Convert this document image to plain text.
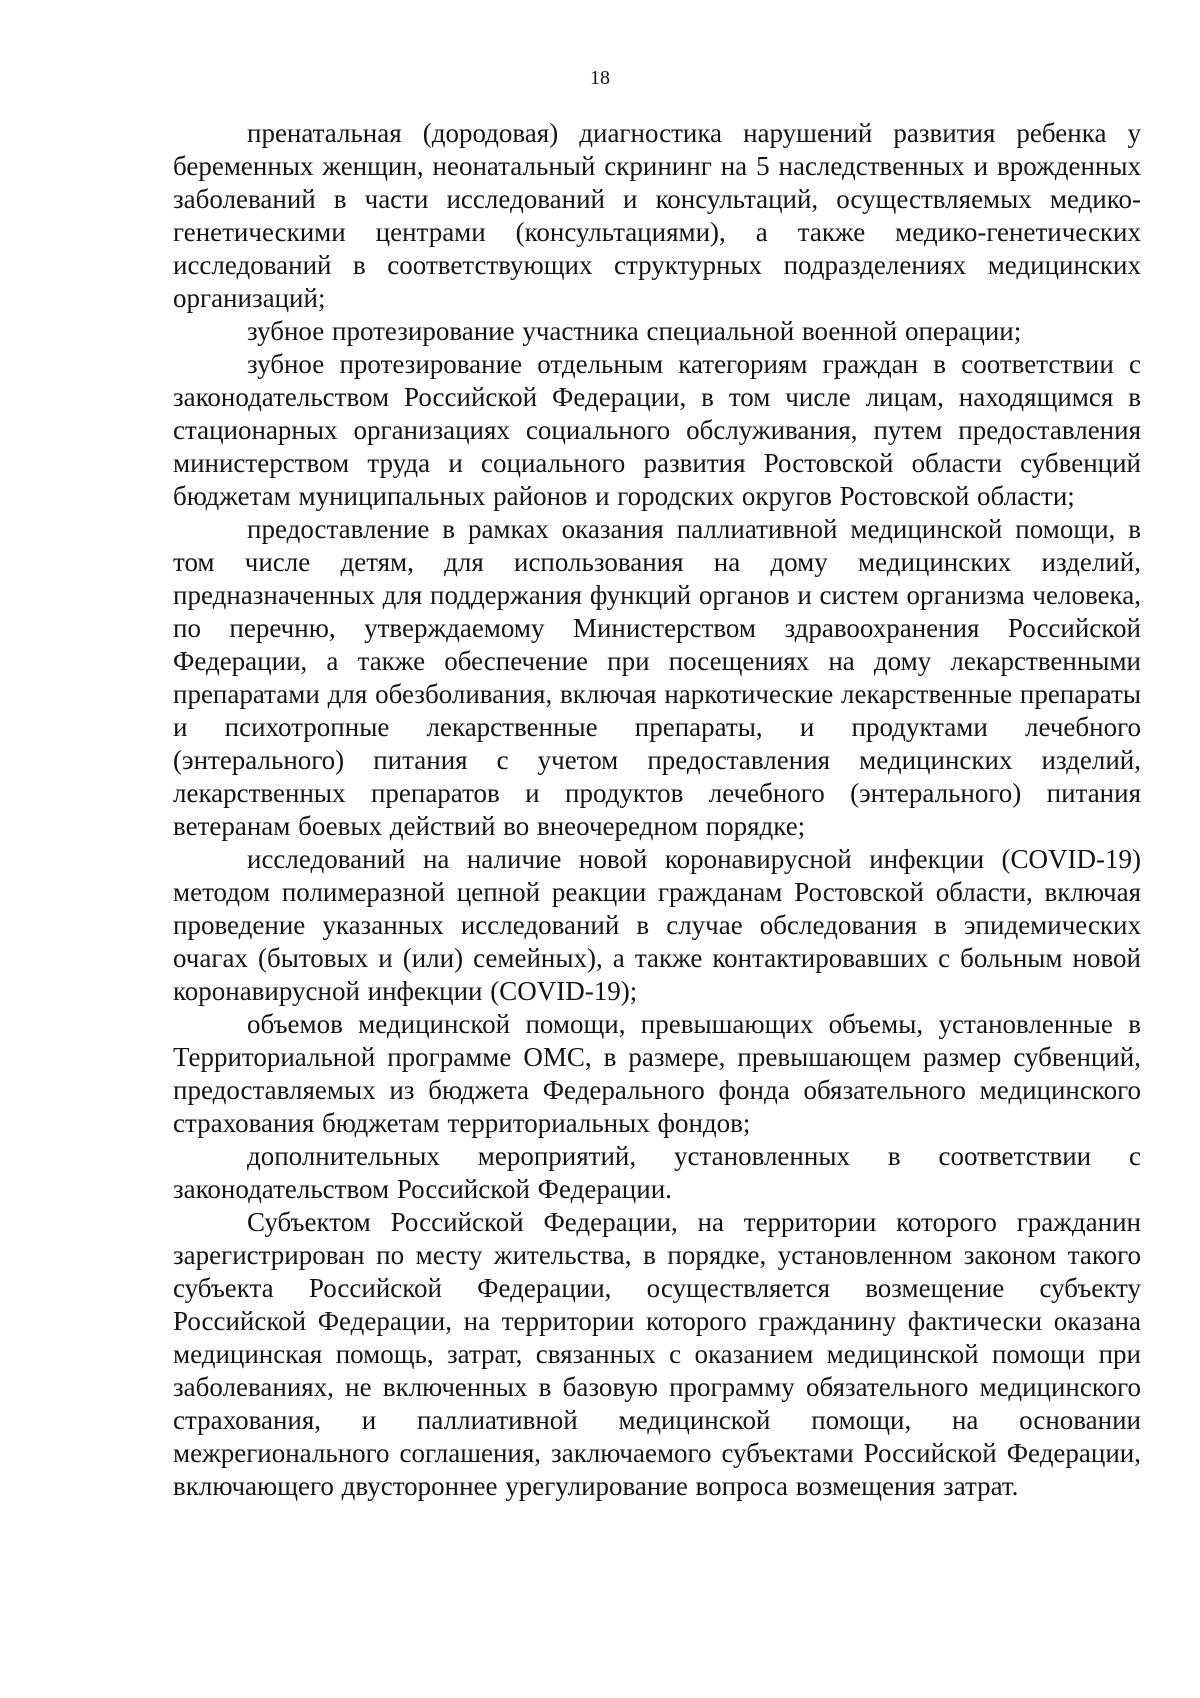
18

пренатальная (дородовая) диагностика нарушений развития ребенка у беременных женщин, неонатальный скрининг на 5 наследственных и врожденных заболеваний в части исследований и консультаций, осуществляемых медико-генетическими центрами (консультациями), а также медико-генетических исследований в соответствующих структурных подразделениях медицинских организаций;

зубное протезирование участника специальной военной операции;

зубное протезирование отдельным категориям граждан в соответствии с законодательством Российской Федерации, в том числе лицам, находящимся в стационарных организациях социального обслуживания, путем предоставления министерством труда и социального развития Ростовской области субвенций бюджетам муниципальных районов и городских округов Ростовской области;

предоставление в рамках оказания паллиативной медицинской помощи, в том числе детям, для использования на дому медицинских изделий, предназначенных для поддержания функций органов и систем организма человека, по перечню, утверждаемому Министерством здравоохранения Российской Федерации, а также обеспечение при посещениях на дому лекарственными препаратами для обезболивания, включая наркотические лекарственные препараты и психотропные лекарственные препараты, и продуктами лечебного (энтерального) питания с учетом предоставления медицинских изделий, лекарственных препаратов и продуктов лечебного (энтерального) питания ветеранам боевых действий во внеочередном порядке;

исследований на наличие новой коронавирусной инфекции (COVID-19) методом полимеразной цепной реакции гражданам Ростовской области, включая проведение указанных исследований в случае обследования в эпидемических очагах (бытовых и (или) семейных), а также контактировавших с больным новой коронавирусной инфекции (COVID-19);

объемов медицинской помощи, превышающих объемы, установленные в Территориальной программе ОМС, в размере, превышающем размер субвенций, предоставляемых из бюджета Федерального фонда обязательного медицинского страхования бюджетам территориальных фондов;

дополнительных мероприятий, установленных в соответствии с законодательством Российской Федерации.

Субъектом Российской Федерации, на территории которого гражданин зарегистрирован по месту жительства, в порядке, установленном законом такого субъекта Российской Федерации, осуществляется возмещение субъекту Российской Федерации, на территории которого гражданину фактически оказана медицинская помощь, затрат, связанных с оказанием медицинской помощи при заболеваниях, не включенных в базовую программу обязательного медицинского страхования, и паллиативной медицинской помощи, на основании межрегионального соглашения, заключаемого субъектами Российской Федерации, включающего двустороннее урегулирование вопроса возмещения затрат.
